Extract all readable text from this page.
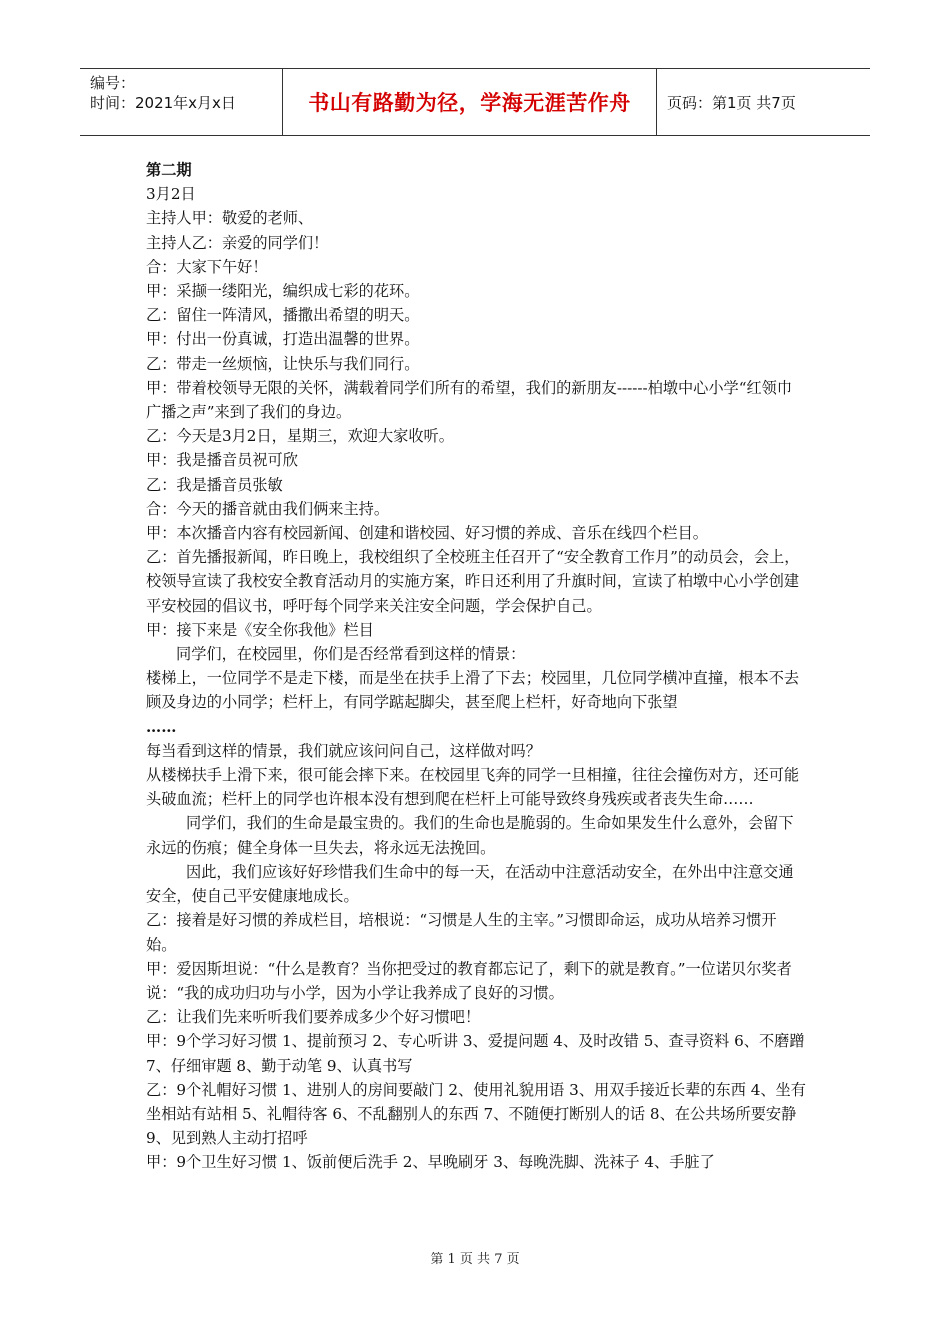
编号：
时间：2021年x月x日	书山有路勤为径，学海无涯苦作舟	页码：第1页 共7页

第二期

3月2日

主持人甲：敬爱的老师、

主持人乙：亲爱的同学们！

合：大家下午好！

甲：采撷一缕阳光，编织成七彩的花环。

乙：留住一阵清风，播撒出希望的明天。

甲：付出一份真诚，打造出温馨的世界。

乙：带走一丝烦恼，让快乐与我们同行。

甲：带着校领导无限的关怀，满载着同学们所有的希望，我们的新朋友------柏墩中心小学“红领巾广播之声”来到了我们的身边。

乙：今天是3月2日，星期三，欢迎大家收听。

甲：我是播音员祝可欣

乙：我是播音员张敏

合：今天的播音就由我们俩来主持。

甲：本次播音内容有校园新闻、创建和谐校园、好习惯的养成、音乐在线四个栏目。

乙：首先播报新闻，昨日晚上，我校组织了全校班主任召开了“安全教育工作月”的动员会，会上，校领导宣读了我校安全教育活动月的实施方案，昨日还利用了升旗时间，宣读了柏墩中心小学创建平安校园的倡议书，呼吁每个同学来关注安全问题，学会保护自己。

甲：接下来是《安全你我他》栏目

同学们，在校园里，你们是否经常看到这样的情景：

楼梯上，一位同学不是走下楼，而是坐在扶手上滑了下去；校园里，几位同学横冲直撞，根本不去顾及身边的小同学；栏杆上，有同学踮起脚尖，甚至爬上栏杆，好奇地向下张望

……

每当看到这样的情景，我们就应该问问自己，这样做对吗？

从楼梯扶手上滑下来，很可能会摔下来。在校园里飞奔的同学一旦相撞，往往会撞伤对方，还可能头破血流；栏杆上的同学也许根本没有想到爬在栏杆上可能导致终身残疾或者丧失生命……

同学们，我们的生命是最宝贵的。我们的生命也是脆弱的。生命如果发生什么意外，会留下永远的伤痕；健全身体一旦失去，将永远无法挽回。

因此，我们应该好好珍惜我们生命中的每一天，在活动中注意活动安全，在外出中注意交通安全，使自己平安健康地成长。

乙：接着是好习惯的养成栏目，培根说：“习惯是人生的主宰。”习惯即命运，成功从培养习惯开始。

甲：爱因斯坦说：“什么是教育？当你把受过的教育都忘记了，剩下的就是教育。”一位诺贝尔奖者说：“我的成功归功与小学，因为小学让我养成了良好的习惯。

乙：让我们先来听听我们要养成多少个好习惯吧！

甲：9个学习好习惯 1、提前预习 2、专心听讲 3、爱提问题 4、及时改错 5、查寻资料 6、不磨蹭 7、仔细审题 8、勤于动笔 9、认真书写

乙：9个礼帽好习惯 1、进别人的房间要敲门 2、使用礼貌用语 3、用双手接近长辈的东西 4、坐有坐相站有站相 5、礼帽待客 6、不乱翻别人的东西 7、不随便打断别人的话 8、在公共场所要安静 9、见到熟人主动打招呼

甲：9个卫生好习惯 1、饭前便后洗手 2、早晚刷牙 3、每晚洗脚、洗袜子 4、手脏了

第 1 页 共 7 页
